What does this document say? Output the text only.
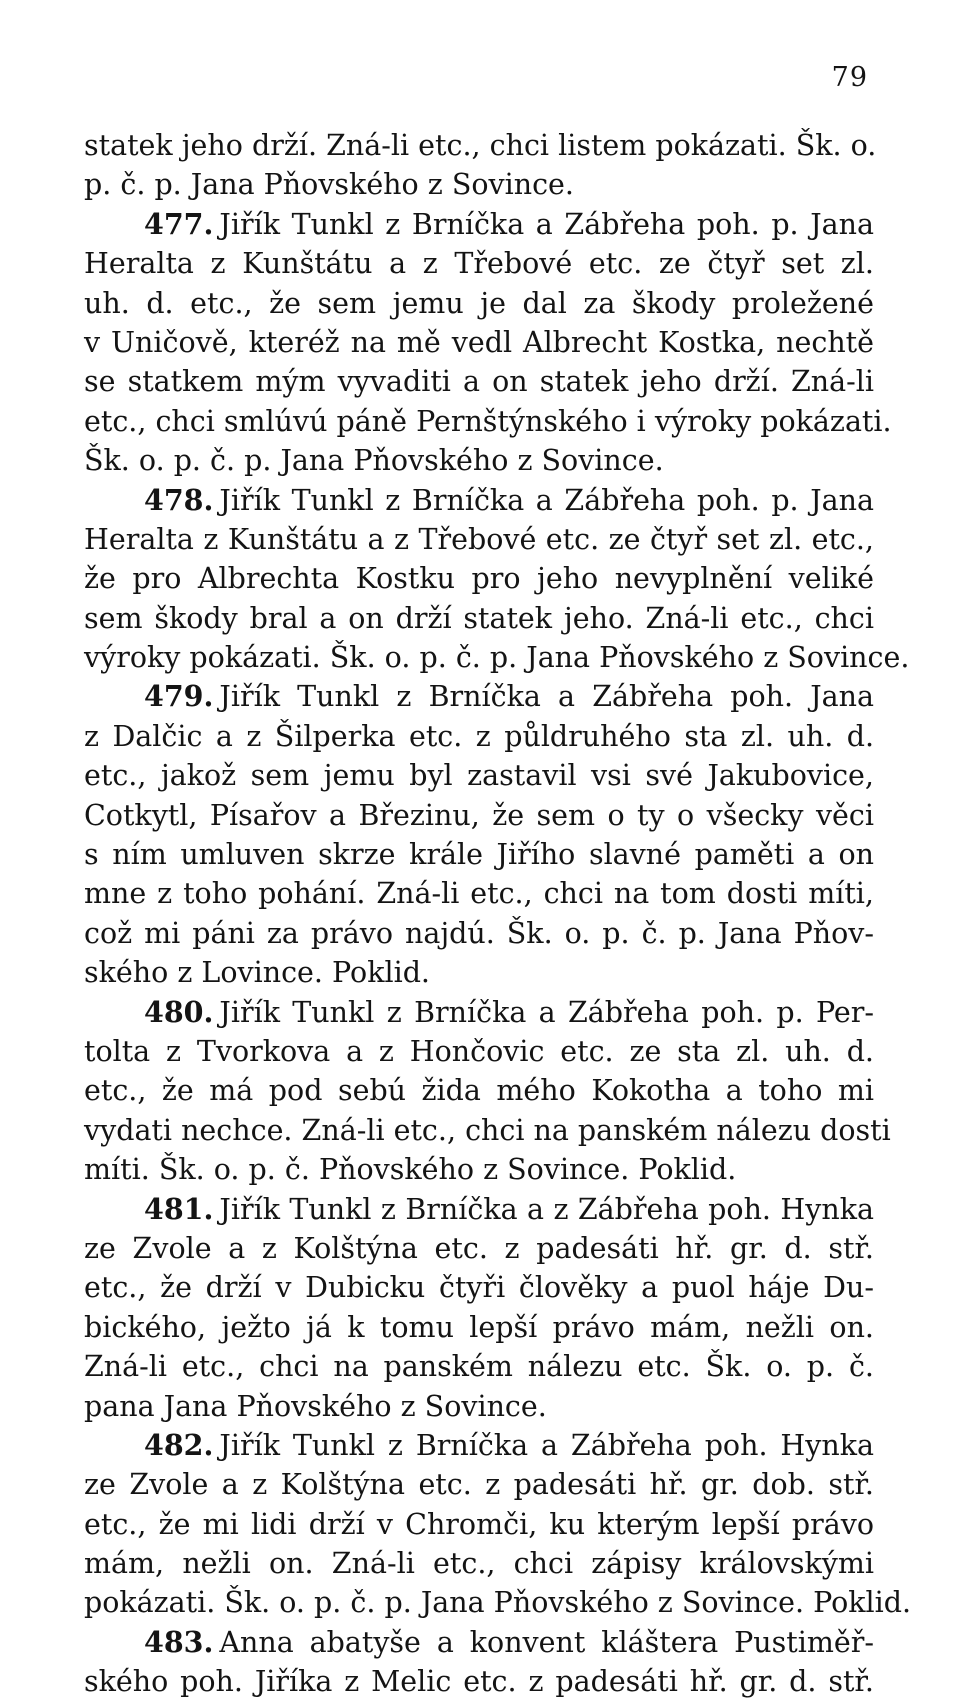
79
statek jeho drží. Zná-li etc., chci listem pokázati. Šk. o.
p. č. p. Jana Pňovského z Sovince.
477. Jiřík Tunkl z Brníčka a Zábřeha poh. p. Jana
Heralta z Kunštátu a z Třebové etc. ze čtyř set zl.
uh. d. etc., že sem jemu je dal za škody proležené
v Uničově, kteréž na mě vedl Albrecht Kostka, nechtě
se statkem mým vyvaditi a on statek jeho drží. Zná-li
etc., chci smlúvú páně Pernštýnského i výroky pokázati.
Šk. o. p. č. p. Jana Pňovského z Sovince.
478. Jiřík Tunkl z Brníčka a Zábřeha poh. p. Jana
Heralta z Kunštátu a z Třebové etc. ze čtyř set zl. etc.,
že pro Albrechta Kostku pro jeho nevyplnění veliké
sem škody bral a on drží statek jeho. Zná-li etc., chci
výroky pokázati. Šk. o. p. č. p. Jana Pňovského z Sovince.
479. Jiřík Tunkl z Brníčka a Zábřeha poh. Jana
z Dalčic a z Šilperka etc. z půldruhého sta zl. uh. d.
etc., jakož sem jemu byl zastavil vsi své Jakubovice,
Cotkytl, Písařov a Březinu, že sem o ty o všecky věci
s ním umluven skrze krále Jiřího slavné paměti a on
mne z toho pohání. Zná-li etc., chci na tom dosti míti,
což mi páni za právo najdú. Šk. o. p. č. p. Jana Pňov-
ského z Lovince. Poklid.
480. Jiřík Tunkl z Brníčka a Zábřeha poh. p. Per-
tolta z Tvorkova a z Hončovic etc. ze sta zl. uh. d.
etc., že má pod sebú žida mého Kokotha a toho mi
vydati nechce. Zná-li etc., chci na panském nálezu dosti
míti. Šk. o. p. č. Pňovského z Sovince. Poklid.
481. Jiřík Tunkl z Brníčka a z Zábřeha poh. Hynka
ze Zvole a z Kolštýna etc. z padesáti hř. gr. d. stř.
etc., že drží v Dubicku čtyři člověky a puol háje Du-
bického, ježto já k tomu lepší právo mám, nežli on.
Zná-li etc., chci na panském nálezu etc. Šk. o. p. č.
pana Jana Pňovského z Sovince.
482. Jiřík Tunkl z Brníčka a Zábřeha poh. Hynka
ze Zvole a z Kolštýna etc. z padesáti hř. gr. dob. stř.
etc., že mi lidi drží v Chromči, ku kterým lepší právo
mám, nežli on. Zná-li etc., chci zápisy královskými
pokázati. Šk. o. p. č. p. Jana Pňovského z Sovince. Poklid.
483. Anna abatyše a konvent kláštera Pustiměř-
ského poh. Jiříka z Melic etc. z padesáti hř. gr. d. stř.
